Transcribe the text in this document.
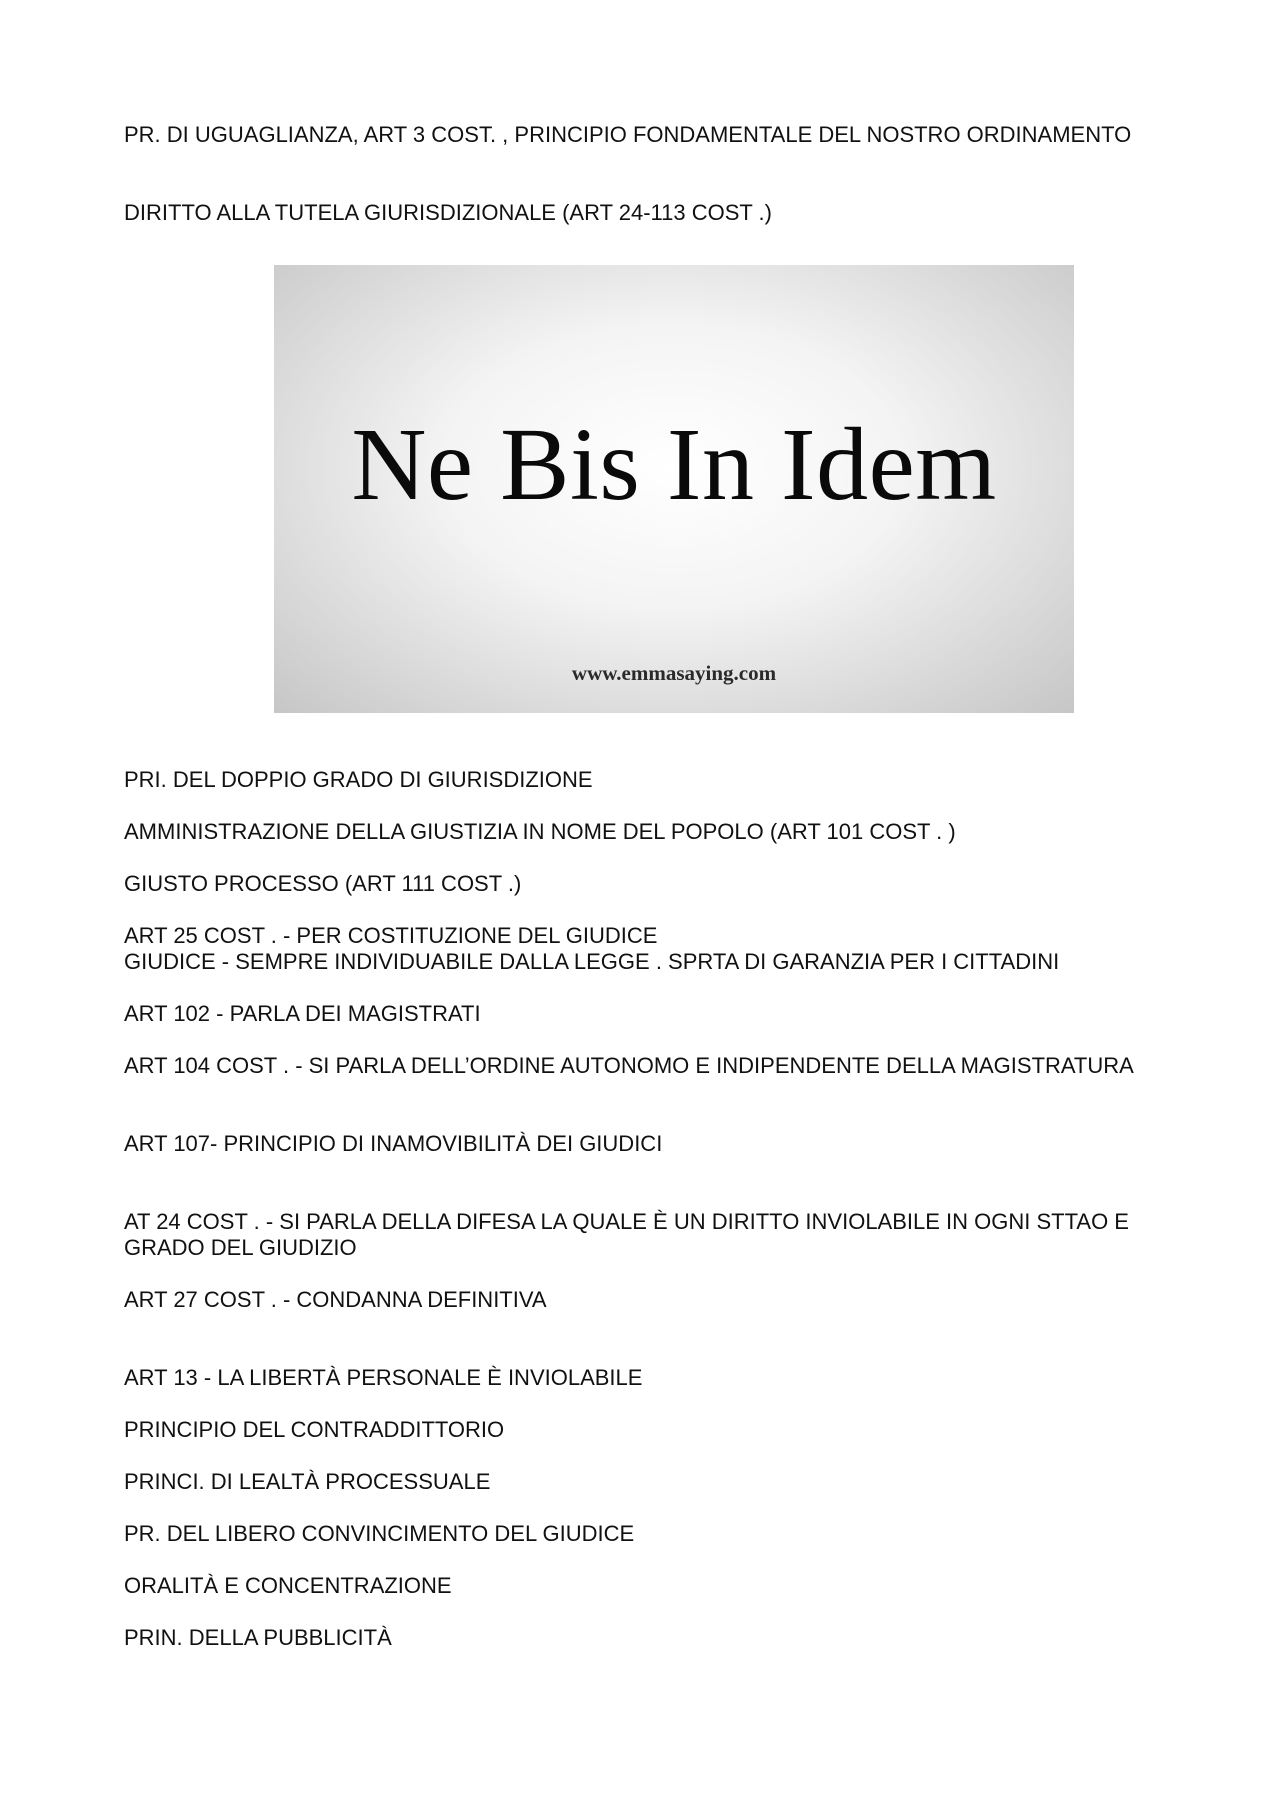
PR. DI UGUAGLIANZA, ART 3 COST. , PRINCIPIO FONDAMENTALE DEL NOSTRO ORDINAMENTO

DIRITTO ALLA TUTELA GIURISDIZIONALE (ART 24-113 COST .)

Ne Bis In Idem
www.emmasaying.com

PRI. DEL DOPPIO GRADO DI GIURISDIZIONE

AMMINISTRAZIONE DELLA GIUSTIZIA IN NOME DEL POPOLO (ART 101 COST . )

GIUSTO PROCESSO (ART 111 COST .)

ART 25 COST . - PER COSTITUZIONE DEL GIUDICE

GIUDICE - SEMPRE INDIVIDUABILE DALLA LEGGE . SPRTA DI GARANZIA PER I CITTADINI

ART 102 - PARLA DEI MAGISTRATI

ART 104 COST . - SI PARLA DELL’ORDINE AUTONOMO E INDIPENDENTE DELLA MAGISTRATURA

ART 107- PRINCIPIO DI INAMOVIBILITÀ DEI GIUDICI

AT 24 COST . - SI PARLA DELLA DIFESA LA QUALE È UN DIRITTO INVIOLABILE IN OGNI STTAO E GRADO DEL GIUDIZIO

ART 27 COST . - CONDANNA DEFINITIVA

ART 13 - LA LIBERTÀ PERSONALE È INVIOLABILE

PRINCIPIO DEL CONTRADDITTORIO

PRINCI. DI LEALTÀ PROCESSUALE

PR. DEL LIBERO CONVINCIMENTO DEL GIUDICE

ORALITÀ E CONCENTRAZIONE

PRIN. DELLA PUBBLICITÀ
